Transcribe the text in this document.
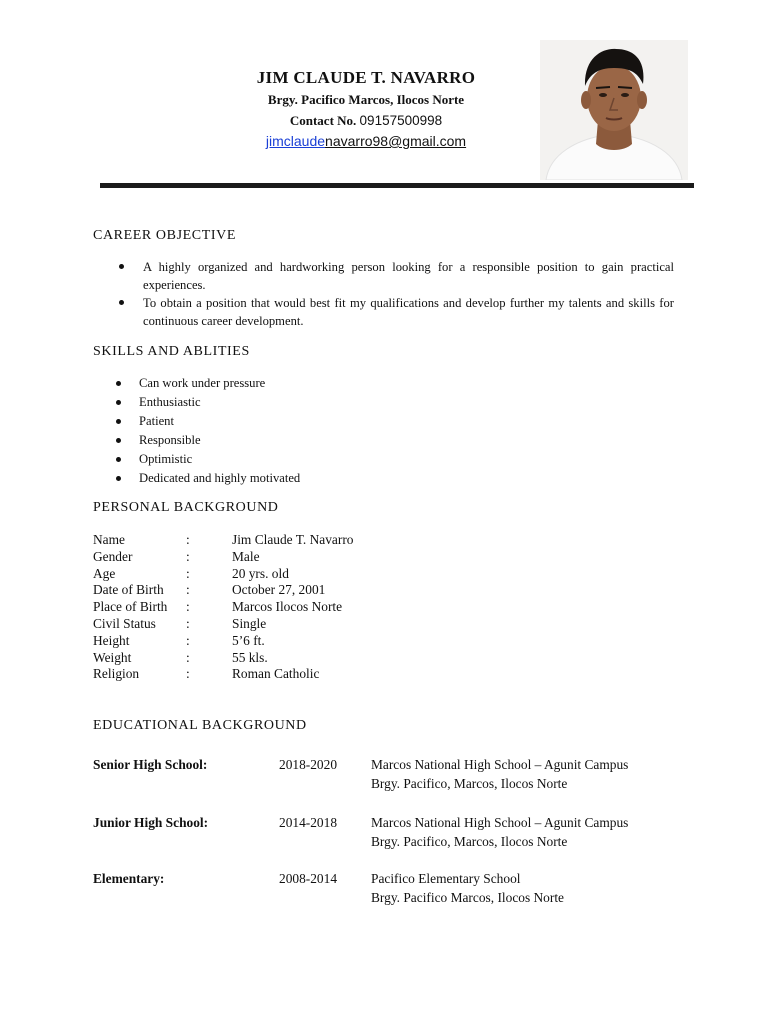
JIM CLAUDE T. NAVARRO
Brgy. Pacifico Marcos, Ilocos Norte
Contact No. 09157500998
jimclaudenavarro98@gmail.com
CAREER OBJECTIVE
A highly organized and hardworking person looking for a responsible position to gain practical experiences.
To obtain a position that would best fit my qualifications and develop further my talents and skills for continuous career development.
SKILLS AND ABLITIES
Can work under pressure
Enthusiastic
Patient
Responsible
Optimistic
Dedicated and highly motivated
PERSONAL BACKGROUND
Name	:	Jim Claude T. Navarro
Gender	:	Male
Age	:	20 yrs. old
Date of Birth :	October 27, 2001
Place of Birth :	Marcos Ilocos Norte
Civil Status :	Single
Height	:	5’6 ft.
Weight	:	55 kls.
Religion	:	Roman Catholic
EDUCATIONAL BACKGROUND
Senior High School:	2018-2020	Marcos National High School – Agunit Campus
Brgy. Pacifico, Marcos, Ilocos Norte
Junior High School:	2014-2018	Marcos National High School – Agunit Campus
Brgy. Pacifico, Marcos, Ilocos Norte
Elementary:	2008-2014	Pacifico Elementary School
Brgy. Pacifico Marcos, Ilocos Norte
